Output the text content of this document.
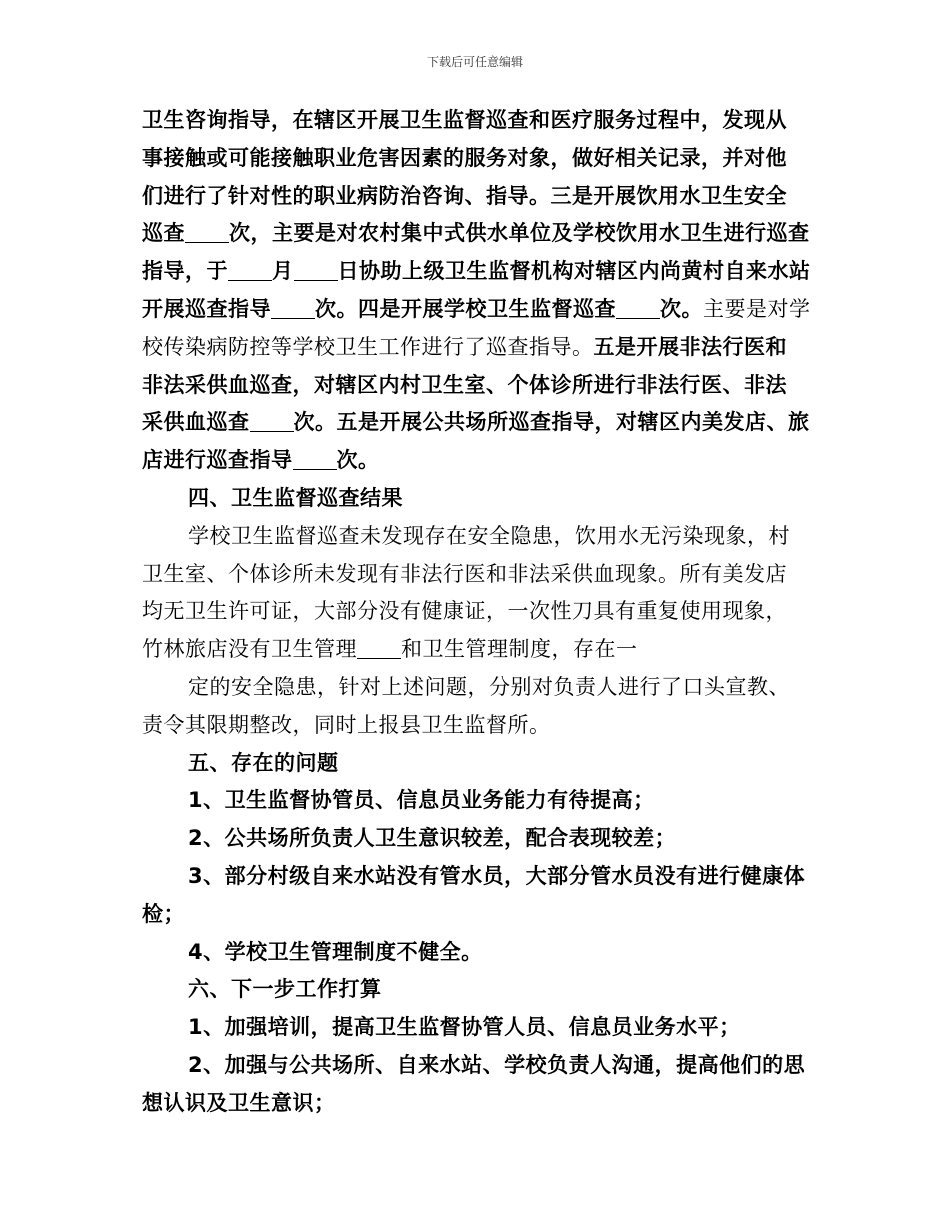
下载后可任意编辑

卫生咨询指导，在辖区开展卫生监督巡查和医疗服务过程中，发现从
事接触或可能接触职业危害因素的服务对象，做好相关记录，并对他
们进行了针对性的职业病防治咨询、指导。三是开展饮用水卫生安全
巡查 次，主要是对农村集中式供水单位及学校饮用水卫生进行巡查
指导，于 月 日协助上级卫生监督机构对辖区内尚黄村自来水站
开展巡查指导 次。四是开展学校卫生监督巡查 次。主要是对学
校传染病防控等学校卫生工作进行了巡查指导。五是开展非法行医和
非法采供血巡查，对辖区内村卫生室、个体诊所进行非法行医、非法
采供血巡查 次。五是开展公共场所巡查指导，对辖区内美发店、旅
店进行巡查指导 次。

四、卫生监督巡查结果

学校卫生监督巡查未发现存在安全隐患，饮用水无污染现象，村
卫生室、个体诊所未发现有非法行医和非法采供血现象。所有美发店
均无卫生许可证，大部分没有健康证，一次性刀具有重复使用现象，
竹林旅店没有卫生管理 和卫生管理制度，存在一
定的安全隐患，针对上述问题，分别对负责人进行了口头宣教、
责令其限期整改，同时上报县卫生监督所。

五、存在的问题

1、卫生监督协管员、信息员业务能力有待提高；
2、公共场所负责人卫生意识较差，配合表现较差；
3、部分村级自来水站没有管水员，大部分管水员没有进行健康体
检；
4、学校卫生管理制度不健全。

六、下一步工作打算

1、加强培训，提高卫生监督协管人员、信息员业务水平；
2、加强与公共场所、自来水站、学校负责人沟通，提高他们的思
想认识及卫生意识；
